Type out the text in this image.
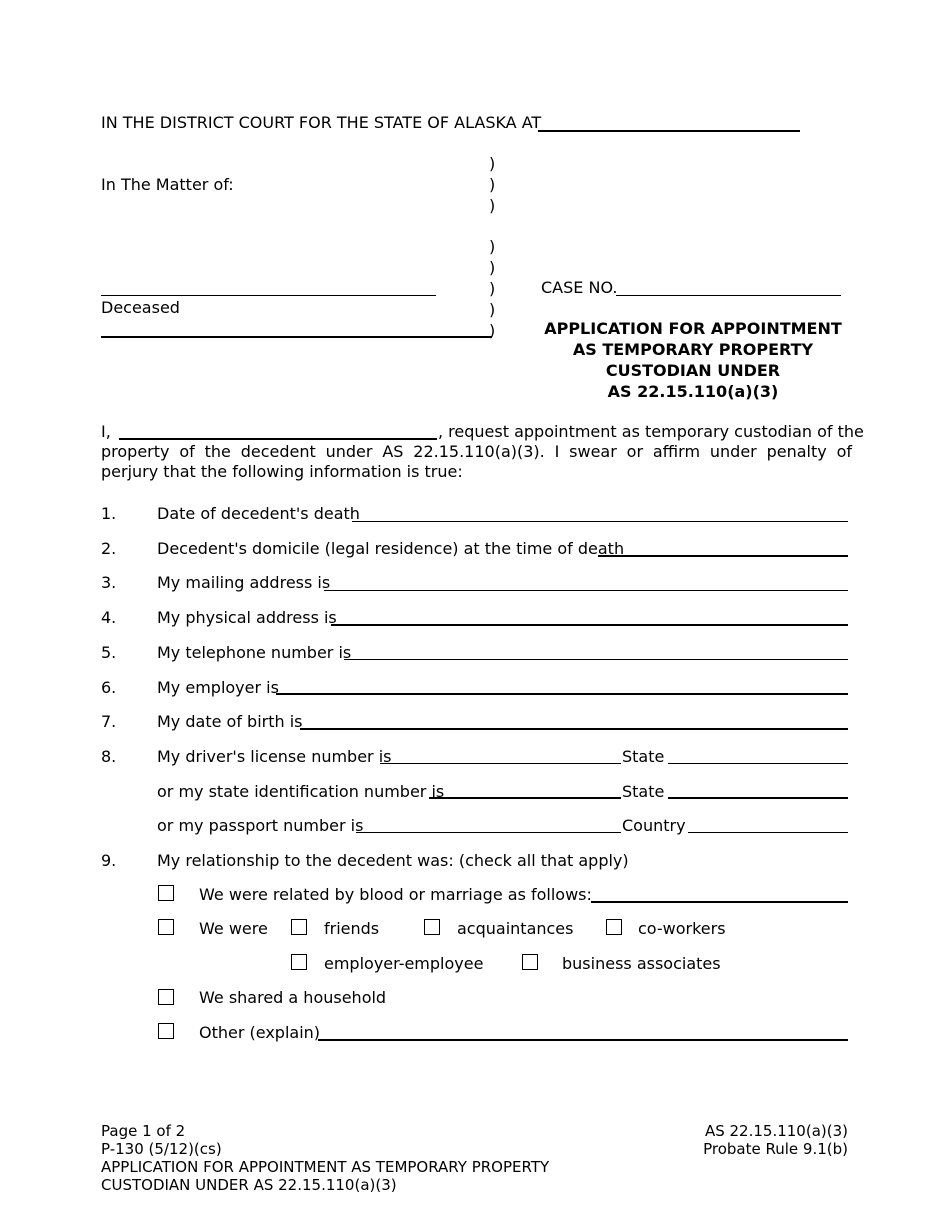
IN THE DISTRICT COURT FOR THE STATE OF ALASKA AT
In The Matter of:
)
)
)
)
)
)
)
)
Deceased
CASE NO.
APPLICATION FOR APPOINTMENT
AS TEMPORARY PROPERTY
CUSTODIAN UNDER
AS 22.15.110(a)(3)
I,	, request appointment as temporary custodian of the
property of the decedent under AS 22.15.110(a)(3). I swear or affirm under penalty of perjury that the following information is true:
1.	Date of decedent's death
2.	Decedent's domicile (legal residence) at the time of death
3.	My mailing address is
4.	My physical address is
5.	My telephone number is
6.	My employer is
7.	My date of birth is
8.	My driver's license number is	State
or my state identification number is	State
or my passport number is	Country
9.	My relationship to the decedent was: (check all that apply)
We were related by blood or marriage as follows:
We were	friends	acquaintances	co-workers
employer-employee	business associates
We shared a household
Other (explain)
Page 1 of 2
P-130 (5/12)(cs)
APPLICATION FOR APPOINTMENT AS TEMPORARY PROPERTY
CUSTODIAN UNDER AS 22.15.110(a)(3)
AS 22.15.110(a)(3)
Probate Rule 9.1(b)
